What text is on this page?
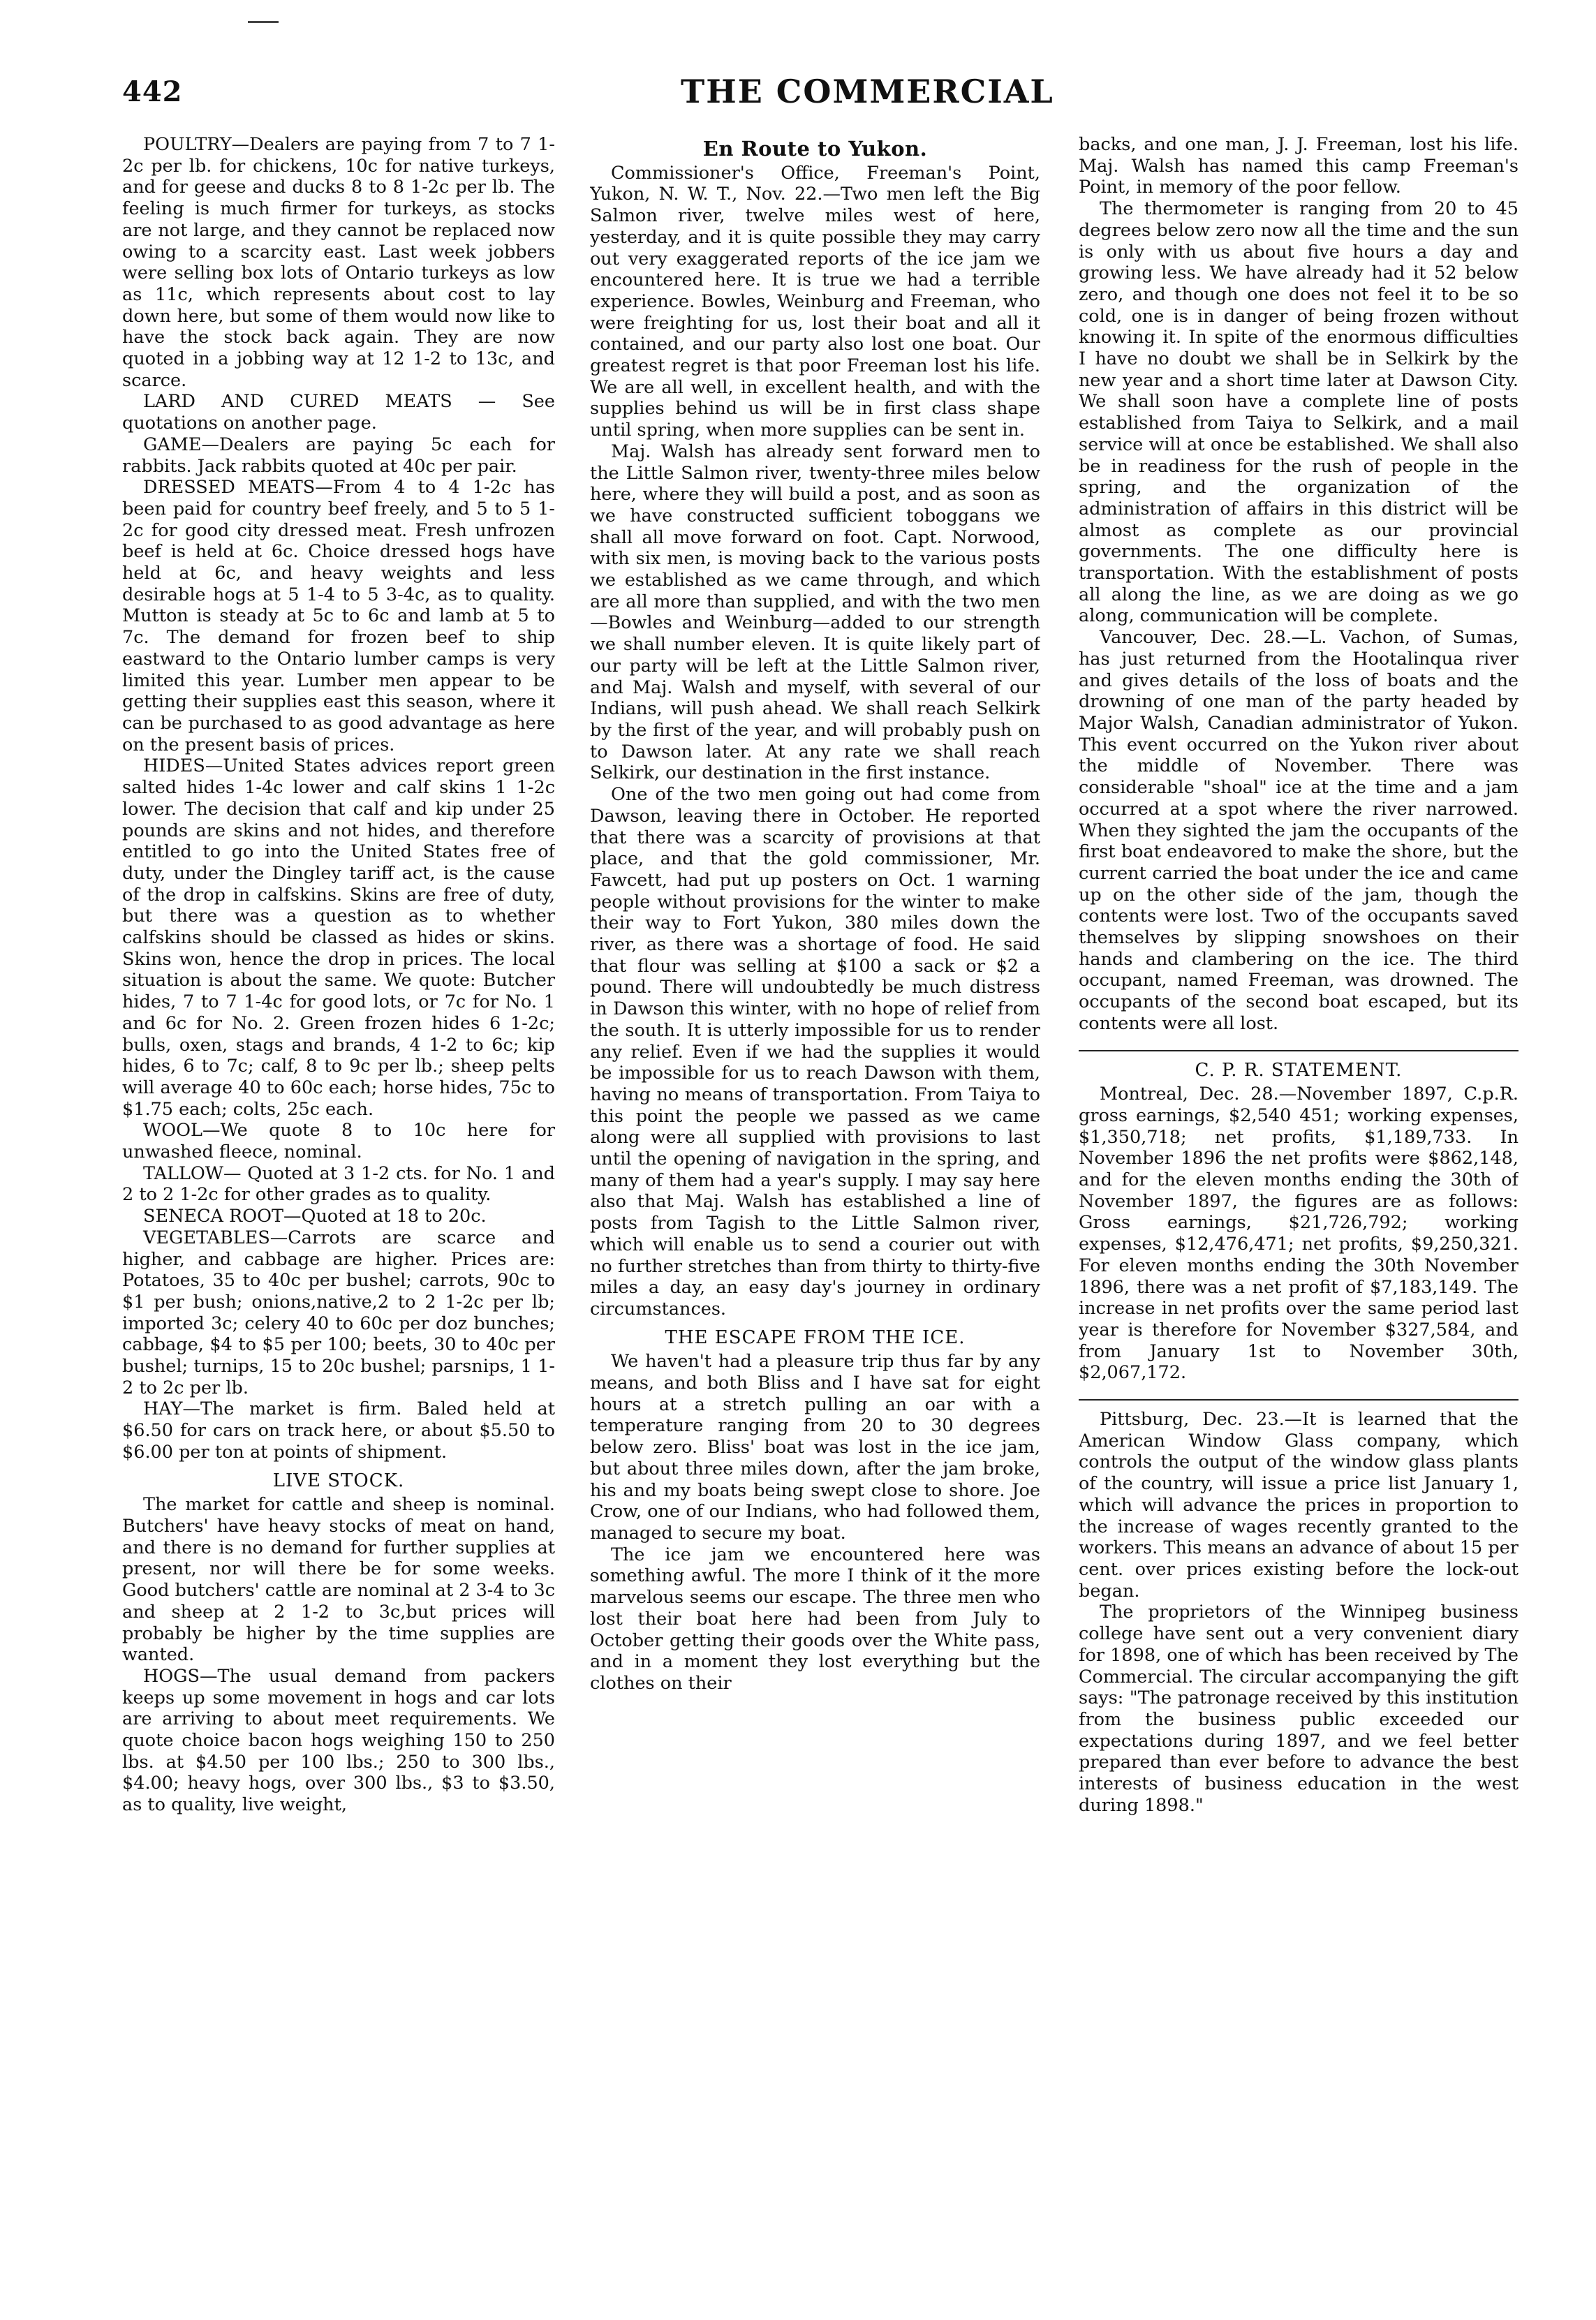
442	THE COMMERCIAL

POULTRY—Dealers are paying from 7 to 7 1-2c per lb. for chickens, 10c for native turkeys, and for geese and ducks 8 to 8 1-2c per lb. The feeling is much firmer for turkeys, as stocks are not large, and they cannot be replaced now owing to a scarcity east. Last week jobbers were selling box lots of Ontario turkeys as low as 11c, which represents about cost to lay down here, but some of them would now like to have the stock back again. They are now quoted in a jobbing way at 12 1-2 to 13c, and scarce.

LARD AND CURED MEATS — See quotations on another page.

GAME—Dealers are paying 5c each for rabbits. Jack rabbits quoted at 40c per pair.

DRESSED MEATS—From 4 to 4 1-2c has been paid for country beef freely, and 5 to 5 1-2c for good city dressed meat. Fresh unfrozen beef is held at 6c. Choice dressed hogs have held at 6c, and heavy weights and less desirable hogs at 5 1-4 to 5 3-4c, as to quality. Mutton is steady at 5c to 6c and lamb at 5 to 7c. The demand for frozen beef to ship eastward to the Ontario lumber camps is very limited this year. Lumber men appear to be getting their supplies east this season, where it can be purchased to as good advantage as here on the present basis of prices.

HIDES—United States advices report green salted hides 1-4c lower and calf skins 1 1-2c lower. The decision that calf and kip under 25 pounds are skins and not hides, and therefore entitled to go into the United States free of duty, under the Dingley tariff act, is the cause of the drop in calfskins. Skins are free of duty, but there was a question as to whether calfskins should be classed as hides or skins. Skins won, hence the drop in prices. The local situation is about the same. We quote: Butcher hides, 7 to 7 1-4c for good lots, or 7c for No. 1 and 6c for No. 2. Green frozen hides 6 1-2c; bulls, oxen, stags and brands, 4 1-2 to 6c; kip hides, 6 to 7c; calf, 8 to 9c per lb.; sheep pelts will average 40 to 60c each; horse hides, 75c to $1.75 each; colts, 25c each.

WOOL—We quote 8 to 10c here for unwashed fleece, nominal.

TALLOW— Quoted at 3 1-2 cts. for No. 1 and 2 to 2 1-2c for other grades as to quality.

SENECA ROOT—Quoted at 18 to 20c.

VEGETABLES—Carrots are scarce and higher, and cabbage are higher. Prices are: Potatoes, 35 to 40c per bushel; carrots, 90c to $1 per bush; onions,native,2 to 2 1-2c per lb; imported 3c; celery 40 to 60c per doz bunches; cabbage, $4 to $5 per 100; beets, 30 to 40c per bushel; turnips, 15 to 20c bushel; parsnips, 1 1-2 to 2c per lb.

HAY—The market is firm. Baled held at $6.50 for cars on track here, or about $5.50 to $6.00 per ton at points of shipment.

LIVE STOCK.

The market for cattle and sheep is nominal. Butchers' have heavy stocks of meat on hand, and there is no demand for further supplies at present, nor will there be for some weeks. Good butchers' cattle are nominal at 2 3-4 to 3c and sheep at 2 1-2 to 3c,but prices will probably be higher by the time supplies are wanted.

HOGS—The usual demand from packers keeps up some movement in hogs and car lots are arriving to about meet requirements. We quote choice bacon hogs weighing 150 to 250 lbs. at $4.50 per 100 lbs.; 250 to 300 lbs., $4.00; heavy hogs, over 300 lbs., $3 to $3.50, as to quality, live weight,

En Route to Yukon.

Commissioner's Office, Freeman's Point, Yukon, N. W. T., Nov. 22.—Two men left the Big Salmon river, twelve miles west of here, yesterday, and it is quite possible they may carry out very exaggerated reports of the ice jam we encountered here. It is true we had a terrible experience. Bowles, Weinburg and Freeman, who were freighting for us, lost their boat and all it contained, and our party also lost one boat. Our greatest regret is that poor Freeman lost his life. We are all well, in excellent health, and with the supplies behind us will be in first class shape until spring, when more supplies can be sent in.

Maj. Walsh has already sent forward men to the Little Salmon river, twenty-three miles below here, where they will build a post, and as soon as we have constructed sufficient toboggans we shall all move forward on foot. Capt. Norwood, with six men, is moving back to the various posts we established as we came through, and which are all more than supplied, and with the two men—Bowles and Weinburg—added to our strength we shall number eleven. It is quite likely part of our party will be left at the Little Salmon river, and Maj. Walsh and myself, with several of our Indians, will push ahead. We shall reach Selkirk by the first of the year, and will probably push on to Dawson later. At any rate we shall reach Selkirk, our destination in the first instance.

One of the two men going out had come from Dawson, leaving there in October. He reported that there was a scarcity of provisions at that place, and that the gold commissioner, Mr. Fawcett, had put up posters on Oct. 1 warning people without provisions for the winter to make their way to Fort Yukon, 380 miles down the river, as there was a shortage of food. He said that flour was selling at $100 a sack or $2 a pound. There will undoubtedly be much distress in Dawson this winter, with no hope of relief from the south. It is utterly impossible for us to render any relief. Even if we had the supplies it would be impossible for us to reach Dawson with them, having no means of transportation. From Taiya to this point the people we passed as we came along were all supplied with provisions to last until the opening of navigation in the spring, and many of them had a year's supply. I may say here also that Maj. Walsh has established a line of posts from Tagish to the Little Salmon river, which will enable us to send a courier out with no further stretches than from thirty to thirty-five miles a day, an easy day's journey in ordinary circumstances.

THE ESCAPE FROM THE ICE.

We haven't had a pleasure trip thus far by any means, and both Bliss and I have sat for eight hours at a stretch pulling an oar with a temperature ranging from 20 to 30 degrees below zero. Bliss' boat was lost in the ice jam, but about three miles down, after the jam broke, his and my boats being swept close to shore. Joe Crow, one of our Indians, who had followed them, managed to secure my boat.

The ice jam we encountered here was something awful. The more I think of it the more marvelous seems our escape. The three men who lost their boat here had been from July to October getting their goods over the White pass, and in a moment they lost everything but the clothes on their

backs, and one man, J. J. Freeman, lost his life. Maj. Walsh has named this camp Freeman's Point, in memory of the poor fellow.

The thermometer is ranging from 20 to 45 degrees below zero now all the time and the sun is only with us about five hours a day and growing less. We have already had it 52 below zero, and though one does not feel it to be so cold, one is in danger of being frozen without knowing it. In spite of the enormous difficulties I have no doubt we shall be in Selkirk by the new year and a short time later at Dawson City. We shall soon have a complete line of posts established from Taiya to Selkirk, and a mail service will at once be established. We shall also be in readiness for the rush of people in the spring, and the organization of the administration of affairs in this district will be almost as complete as our provincial governments. The one difficulty here is transportation. With the establishment of posts all along the line, as we are doing as we go along, communication will be complete.

Vancouver, Dec. 28.—L. Vachon, of Sumas, has just returned from the Hootalinqua river and gives details of the loss of boats and the drowning of one man of the party headed by Major Walsh, Canadian administrator of Yukon. This event occurred on the Yukon river about the middle of November. There was considerable "shoal" ice at the time and a jam occurred at a spot where the river narrowed. When they sighted the jam the occupants of the first boat endeavored to make the shore, but the current carried the boat under the ice and came up on the other side of the jam, though the contents were lost. Two of the occupants saved themselves by slipping snowshoes on their hands and clambering on the ice. The third occupant, named Freeman, was drowned. The occupants of the second boat escaped, but its contents were all lost.

C. P. R. STATEMENT.

Montreal, Dec. 28.—November 1897, C.p.R. gross earnings, $2,540 451; working expenses, $1,350,718; net profits, $1,189,733. In November 1896 the net profits were $862,148, and for the eleven months ending the 30th of November 1897, the figures are as follows: Gross earnings, $21,726,792; working expenses, $12,476,471; net profits, $9,250,321. For eleven months ending the 30th November 1896, there was a net profit of $7,183,149. The increase in net profits over the same period last year is therefore for November $327,584, and from January 1st to November 30th, $2,067,172.

Pittsburg, Dec. 23.—It is learned that the American Window Glass company, which controls the output of the window glass plants of the country, will issue a price list January 1, which will advance the prices in proportion to the increase of wages recently granted to the workers. This means an advance of about 15 per cent. over prices existing before the lock-out began.

The proprietors of the Winnipeg business college have sent out a very convenient diary for 1898, one of which has been received by The Commercial. The circular accompanying the gift says: "The patronage received by this institution from the business public exceeded our expectations during 1897, and we feel better prepared than ever before to advance the best interests of business education in the west during 1898."
